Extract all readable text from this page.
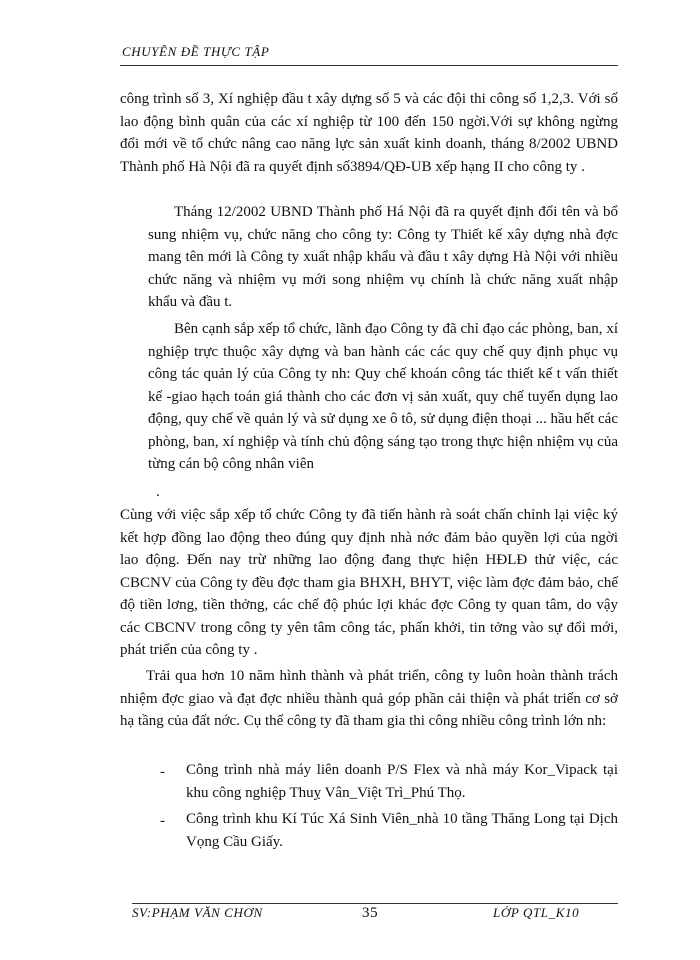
CHUYÊN ĐỀ THỰC TẬP

công trình số 3, Xí nghiệp đầu t xây dựng số 5 và các đội thi công số 1,2,3. Với số lao động bình quân của các xí nghiệp từ 100 đến 150 ngời.Với sự không ngừng đổi mới về tổ chức nâng cao năng lực sản xuất kinh doanh, tháng 8/2002 UBND Thành phố Hà Nội đã ra quyết định số3894/QĐ-UB xếp hạng II cho công ty .

Tháng 12/2002 UBND Thành phố Há Nội đã ra quyết định đổi tên và bổ sung nhiệm vụ, chức năng cho công ty: Công ty Thiết kế xây dựng nhà đợc mang tên mới là Công ty xuất nhập khẩu và đầu t xây dựng Hà Nội với nhiều chức năng và nhiệm vụ mới song nhiệm vụ chính là chức năng xuất nhập khẩu và đầu t.

Bên cạnh sắp xếp tổ chức, lãnh đạo Công ty đã chỉ đạo các phòng, ban, xí nghiệp trực thuộc xây dựng và ban hành các các quy chế quy định phục vụ công tác quản lý của Công ty nh: Quy chế khoán công tác thiết kế t vấn thiết kế -giao hạch toán giá thành cho các đơn vị sản xuất, quy chế tuyển dụng lao động, quy chế về quản lý và sử dụng xe ô tô, sử dụng điện thoại ... hầu hết các phòng, ban, xí nghiệp và tính chủ động sáng tạo trong thực hiện nhiệm vụ của từng cán bộ công nhân viên

.

Cùng với việc sắp xếp tổ chức Công ty đã tiến hành rà soát chấn chỉnh lại việc ký kết hợp đồng lao động theo đúng quy định nhà nớc đảm bảo quyền lợi của ngời lao động. Đến nay trừ những lao động đang thực hiện HĐLĐ thử việc, các CBCNV của Công ty đều đợc tham gia BHXH, BHYT, việc làm đợc đảm bảo, chế độ tiền lơng, tiền thởng, các chế độ phúc lợi khác đợc Công ty quan tâm, do vậy các CBCNV trong công ty yên tâm công tác, phấn khởi, tin tởng vào sự đổi mới, phát triển của công ty .

Trải qua hơn 10 năm hình thành và phát triển, công ty luôn hoàn thành trách nhiệm đợc giao và đạt đợc nhiều thành quả góp phần cải thiện và phát triển cơ sở hạ tầng của đất nớc. Cụ thể công ty đã tham gia thi công nhiều công trình lớn nh:

- Công trình nhà máy liên doanh P/S Flex và nhà máy Kor_Vipack tại khu công nghiệp Thuỵ Vân_Việt Trì_Phú Thọ.
- Công trình khu Kí Túc Xá Sinh Viên_nhà 10 tầng Thăng Long tại Dịch Vọng Cầu Giấy.
SV:PHẠM VĂN CHƠN	35	LỚP QTL_K10
